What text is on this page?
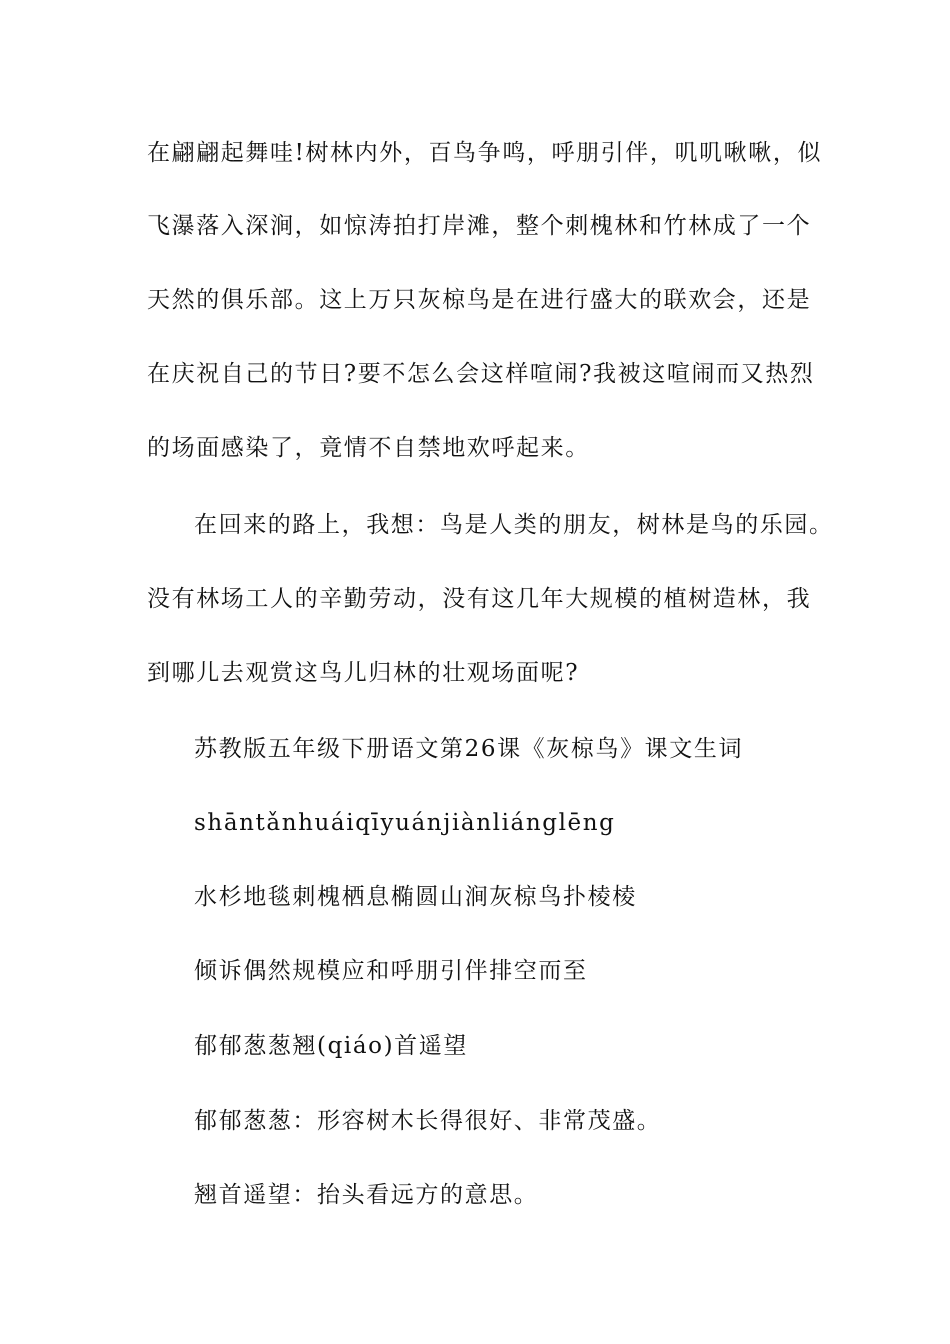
在翩翩起舞哇!树林内外，百鸟争鸣，呼朋引伴，叽叽啾啾，似
飞瀑落入深涧，如惊涛拍打岸滩，整个刺槐林和竹林成了一个
天然的俱乐部。这上万只灰椋鸟是在进行盛大的联欢会，还是
在庆祝自己的节日?要不怎么会这样喧闹?我被这喧闹而又热烈
的场面感染了，竟情不自禁地欢呼起来。
在回来的路上，我想：鸟是人类的朋友，树林是鸟的乐园。
没有林场工人的辛勤劳动，没有这几年大规模的植树造林，我
到哪儿去观赏这鸟儿归林的壮观场面呢?
苏教版五年级下册语文第26课《灰椋鸟》课文生词
shāntǎnhuáiqīyuánjiànliánglēng
水杉地毯刺槐栖息椭圆山涧灰椋鸟扑棱棱
倾诉偶然规模应和呼朋引伴排空而至
郁郁葱葱翘(qiáo)首遥望
郁郁葱葱：形容树木长得很好、非常茂盛。
翘首遥望：抬头看远方的意思。
